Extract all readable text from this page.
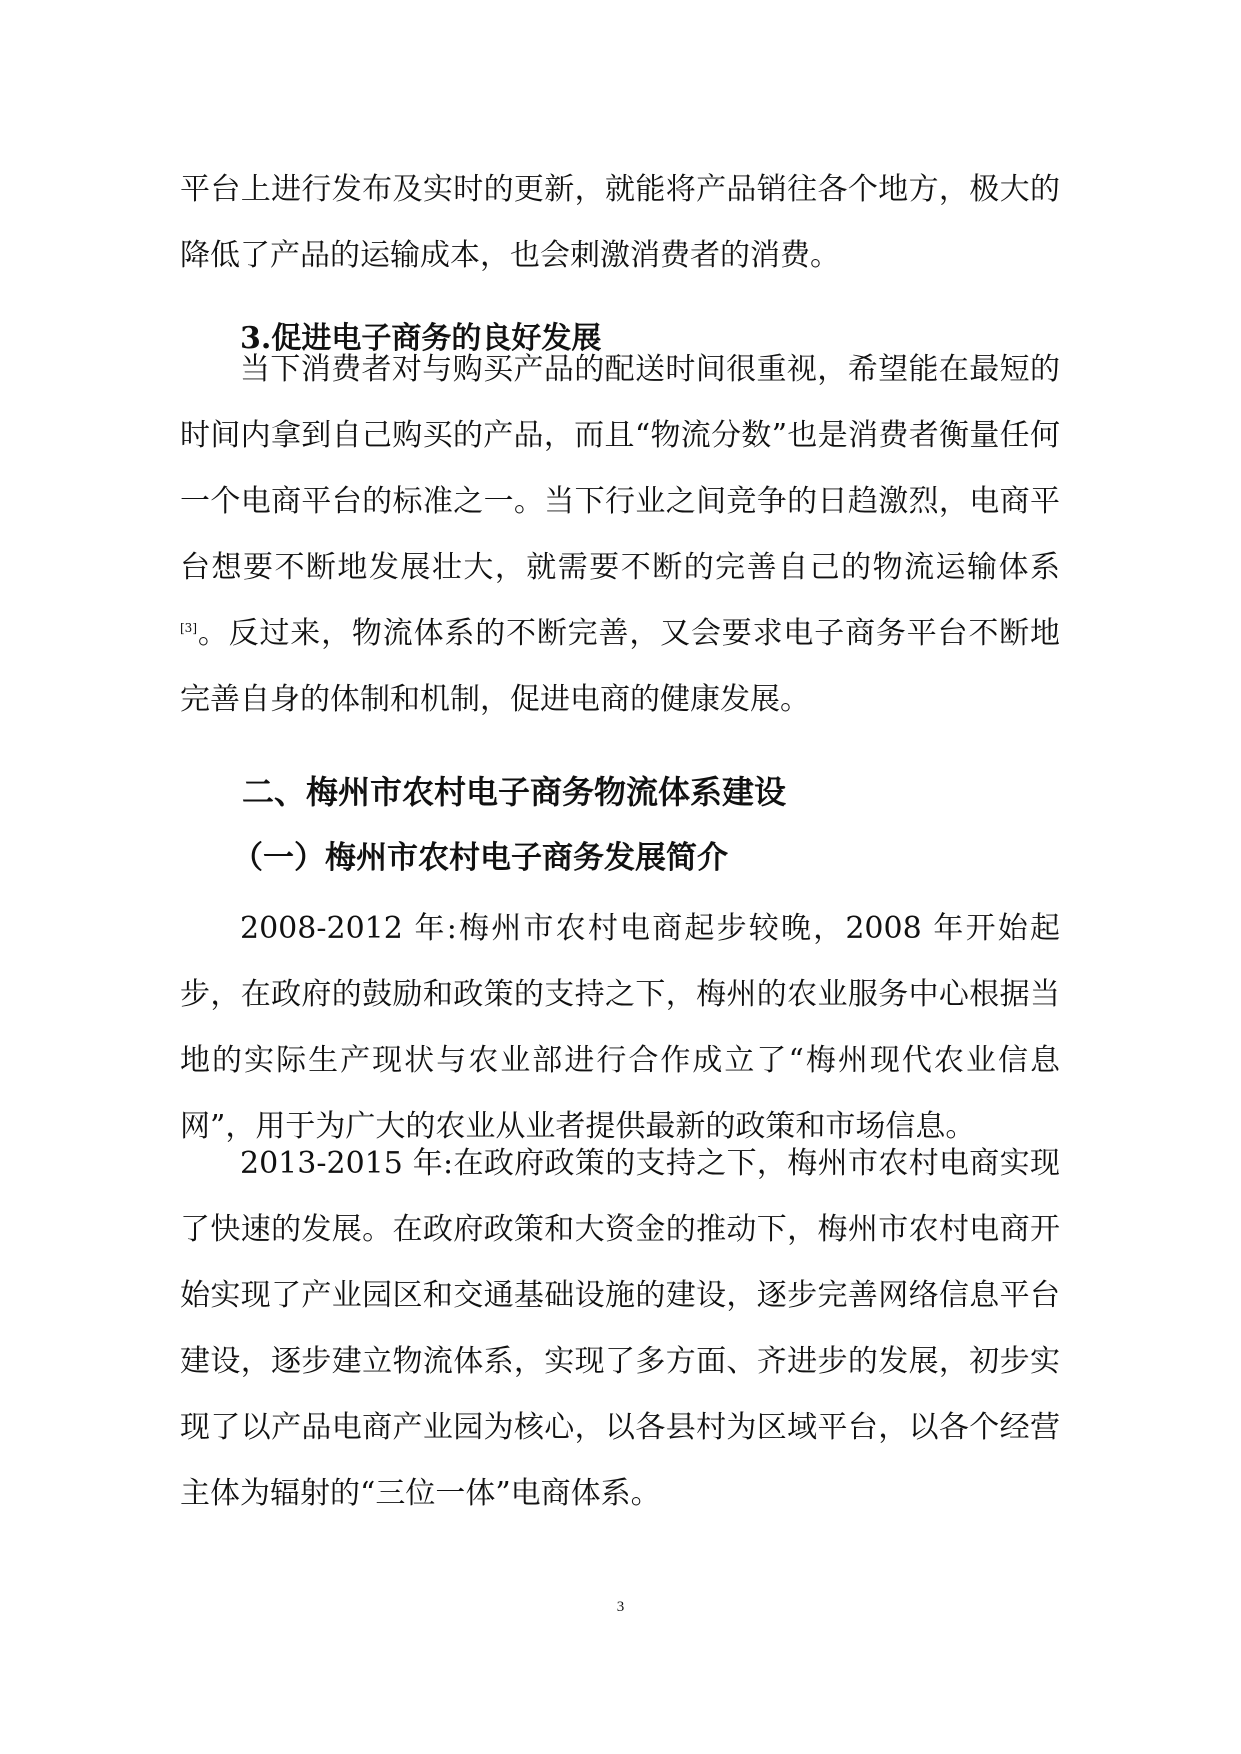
平台上进行发布及实时的更新，就能将产品销往各个地方，极大的降低了产品的运输成本，也会刺激消费者的消费。

3.促进电子商务的良好发展

当下消费者对与购买产品的配送时间很重视，希望能在最短的时间内拿到自己购买的产品，而且“物流分数”也是消费者衡量任何一个电商平台的标准之一。当下行业之间竞争的日趋激烈，电商平台想要不断地发展壮大，就需要不断的完善自己的物流运输体系[3]。反过来，物流体系的不断完善，又会要求电子商务平台不断地完善自身的体制和机制，促进电商的健康发展。

二、梅州市农村电子商务物流体系建设
（一）梅州市农村电子商务发展简介

2008-2012 年:梅州市农村电商起步较晚，2008 年开始起步，在政府的鼓励和政策的支持之下，梅州的农业服务中心根据当地的实际生产现状与农业部进行合作成立了“梅州现代农业信息网”，用于为广大的农业从业者提供最新的政策和市场信息。

2013-2015 年:在政府政策的支持之下，梅州市农村电商实现了快速的发展。在政府政策和大资金的推动下，梅州市农村电商开始实现了产业园区和交通基础设施的建设，逐步完善网络信息平台建设，逐步建立物流体系，实现了多方面、齐进步的发展，初步实现了以产品电商产业园为核心，以各县村为区域平台，以各个经营主体为辐射的“三位一体”电商体系。

3
